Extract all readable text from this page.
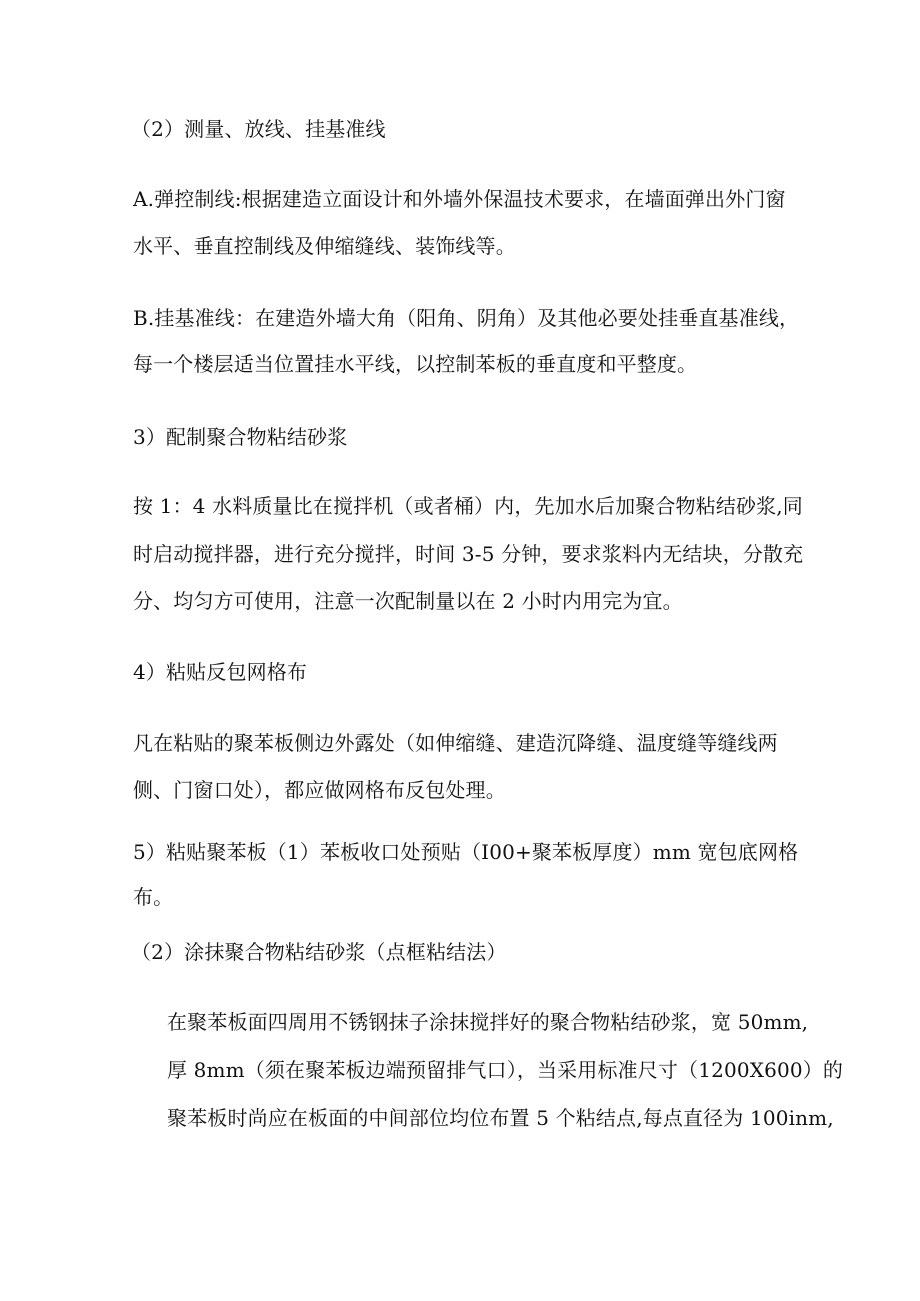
（2）测量、放线、挂基准线
A.弹控制线:根据建造立面设计和外墙外保温技术要求，在墙面弹出外门窗
水平、垂直控制线及伸缩缝线、装饰线等。
B.挂基准线：在建造外墙大角（阳角、阴角）及其他必要处挂垂直基准线，
每一个楼层适当位置挂水平线，以控制苯板的垂直度和平整度。
3）配制聚合物粘结砂浆
按 1：4 水料质量比在搅拌机（或者桶）内，先加水后加聚合物粘结砂浆,同
时启动搅拌器，进行充分搅拌，时间 3-5 分钟，要求浆料内无结块，分散充
分、均匀方可使用，注意一次配制量以在 2 小时内用完为宜。
4）粘贴反包网格布
凡在粘贴的聚苯板侧边外露处（如伸缩缝、建造沉降缝、温度缝等缝线两
侧、门窗口处），都应做网格布反包处理。
5）粘贴聚苯板（1）苯板收口处预贴（I00+聚苯板厚度）mm 宽包底网格
布。
（2）涂抹聚合物粘结砂浆（点框粘结法）
在聚苯板面四周用不锈钢抹子涂抹搅拌好的聚合物粘结砂浆，宽 50mm,
厚 8mm（须在聚苯板边端预留排气口），当采用标准尺寸（1200X600）的
聚苯板时尚应在板面的中间部位均位布置 5 个粘结点,每点直径为 100inm,
